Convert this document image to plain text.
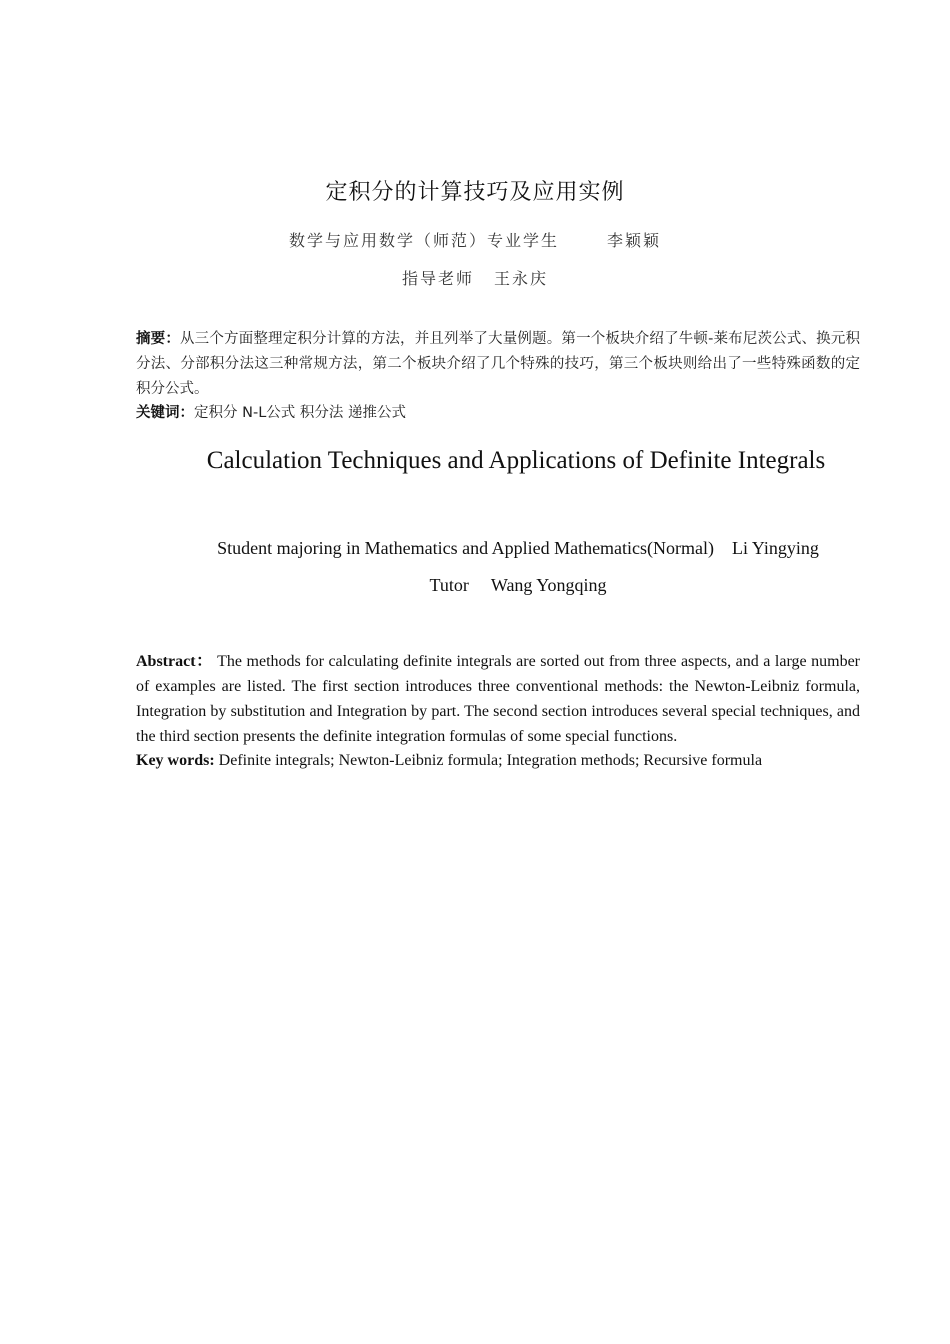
定积分的计算技巧及应用实例
数学与应用数学（师范）专业学生	李颖颖
指导老师 王永庆
摘要：从三个方面整理定积分计算的方法，并且列举了大量例题。第一个板块介绍了牛顿-莱布尼茨公式、换元积分法、分部积分法这三种常规方法，第二个板块介绍了几个特殊的技巧，第三个板块则给出了一些特殊函数的定积分公式。
关键词：定积分 N-L公式 积分法 递推公式
Calculation Techniques and Applications of Definite Integrals
Student majoring in Mathematics and Applied Mathematics(Normal) Li Yingying
Tutor Wang Yongqing
Abstract： The methods for calculating definite integrals are sorted out from three aspects, and a large number of examples are listed. The first section introduces three conventional methods: the Newton-Leibniz formula, Integration by substitution and Integration by part. The second section introduces several special techniques, and the third section presents the definite integration formulas of some special functions.
Key words: Definite integrals; Newton-Leibniz formula; Integration methods; Recursive formula
